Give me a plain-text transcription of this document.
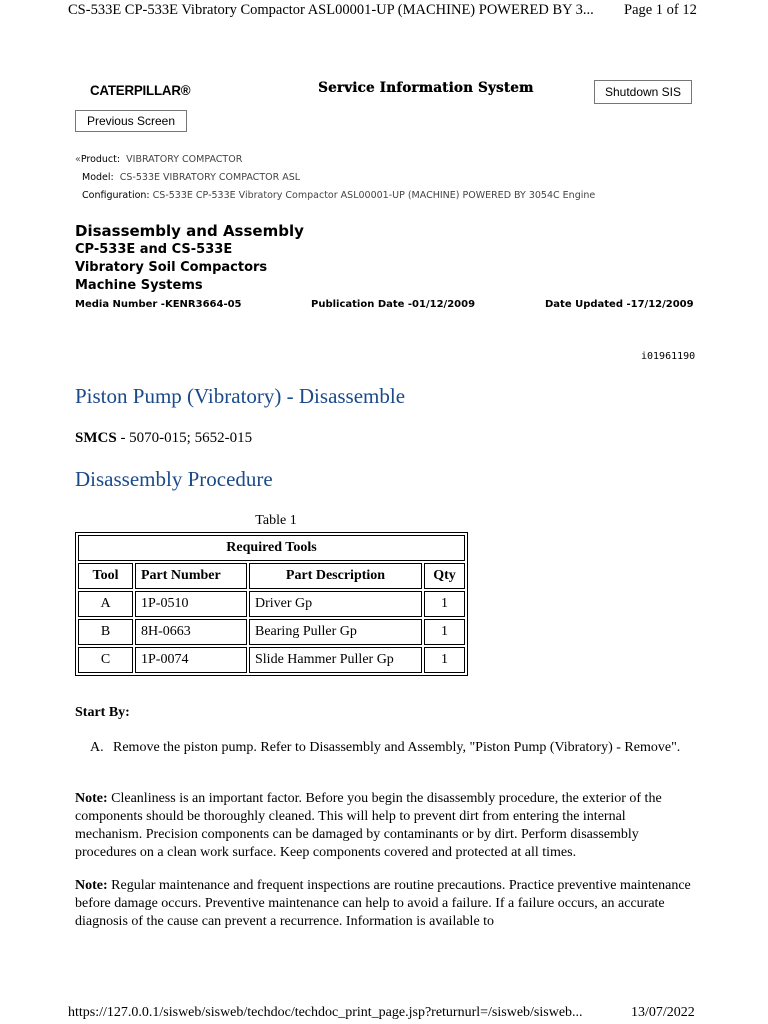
CS-533E CP-533E Vibratory Compactor ASL00001-UP (MACHINE) POWERED BY 3... Page 1 of 12
CATERPILLAR®	Service Information System	Shutdown SIS
Previous Screen
«Product: VIBRATORY COMPACTOR
Model: CS-533E VIBRATORY COMPACTOR ASL
Configuration: CS-533E CP-533E Vibratory Compactor ASL00001-UP (MACHINE) POWERED BY 3054C Engine
Disassembly and Assembly
CP-533E and CS-533E
Vibratory Soil Compactors
Machine Systems
Media Number -KENR3664-05	Publication Date -01/12/2009	Date Updated -17/12/2009
i01961190
Piston Pump (Vibratory) - Disassemble
SMCS - 5070-015; 5652-015
Disassembly Procedure
Table 1
Required Tools			
Tool	Part Number	Part Description	Qty
A	1P-0510	Driver Gp	1
B	8H-0663	Bearing Puller Gp	1
C	1P-0074	Slide Hammer Puller Gp	1
Start By:
A. Remove the piston pump. Refer to Disassembly and Assembly, "Piston Pump (Vibratory) - Remove".
Note: Cleanliness is an important factor. Before you begin the disassembly procedure, the exterior of the components should be thoroughly cleaned. This will help to prevent dirt from entering the internal mechanism. Precision components can be damaged by contaminants or by dirt. Perform disassembly procedures on a clean work surface. Keep components covered and protected at all times.
Note: Regular maintenance and frequent inspections are routine precautions. Practice preventive maintenance before damage occurs. Preventive maintenance can help to avoid a failure. If a failure occurs, an accurate diagnosis of the cause can prevent a recurrence. Information is available to
https://127.0.0.1/sisweb/sisweb/techdoc/techdoc_print_page.jsp?returnurl=/sisweb/sisweb...	13/07/2022
